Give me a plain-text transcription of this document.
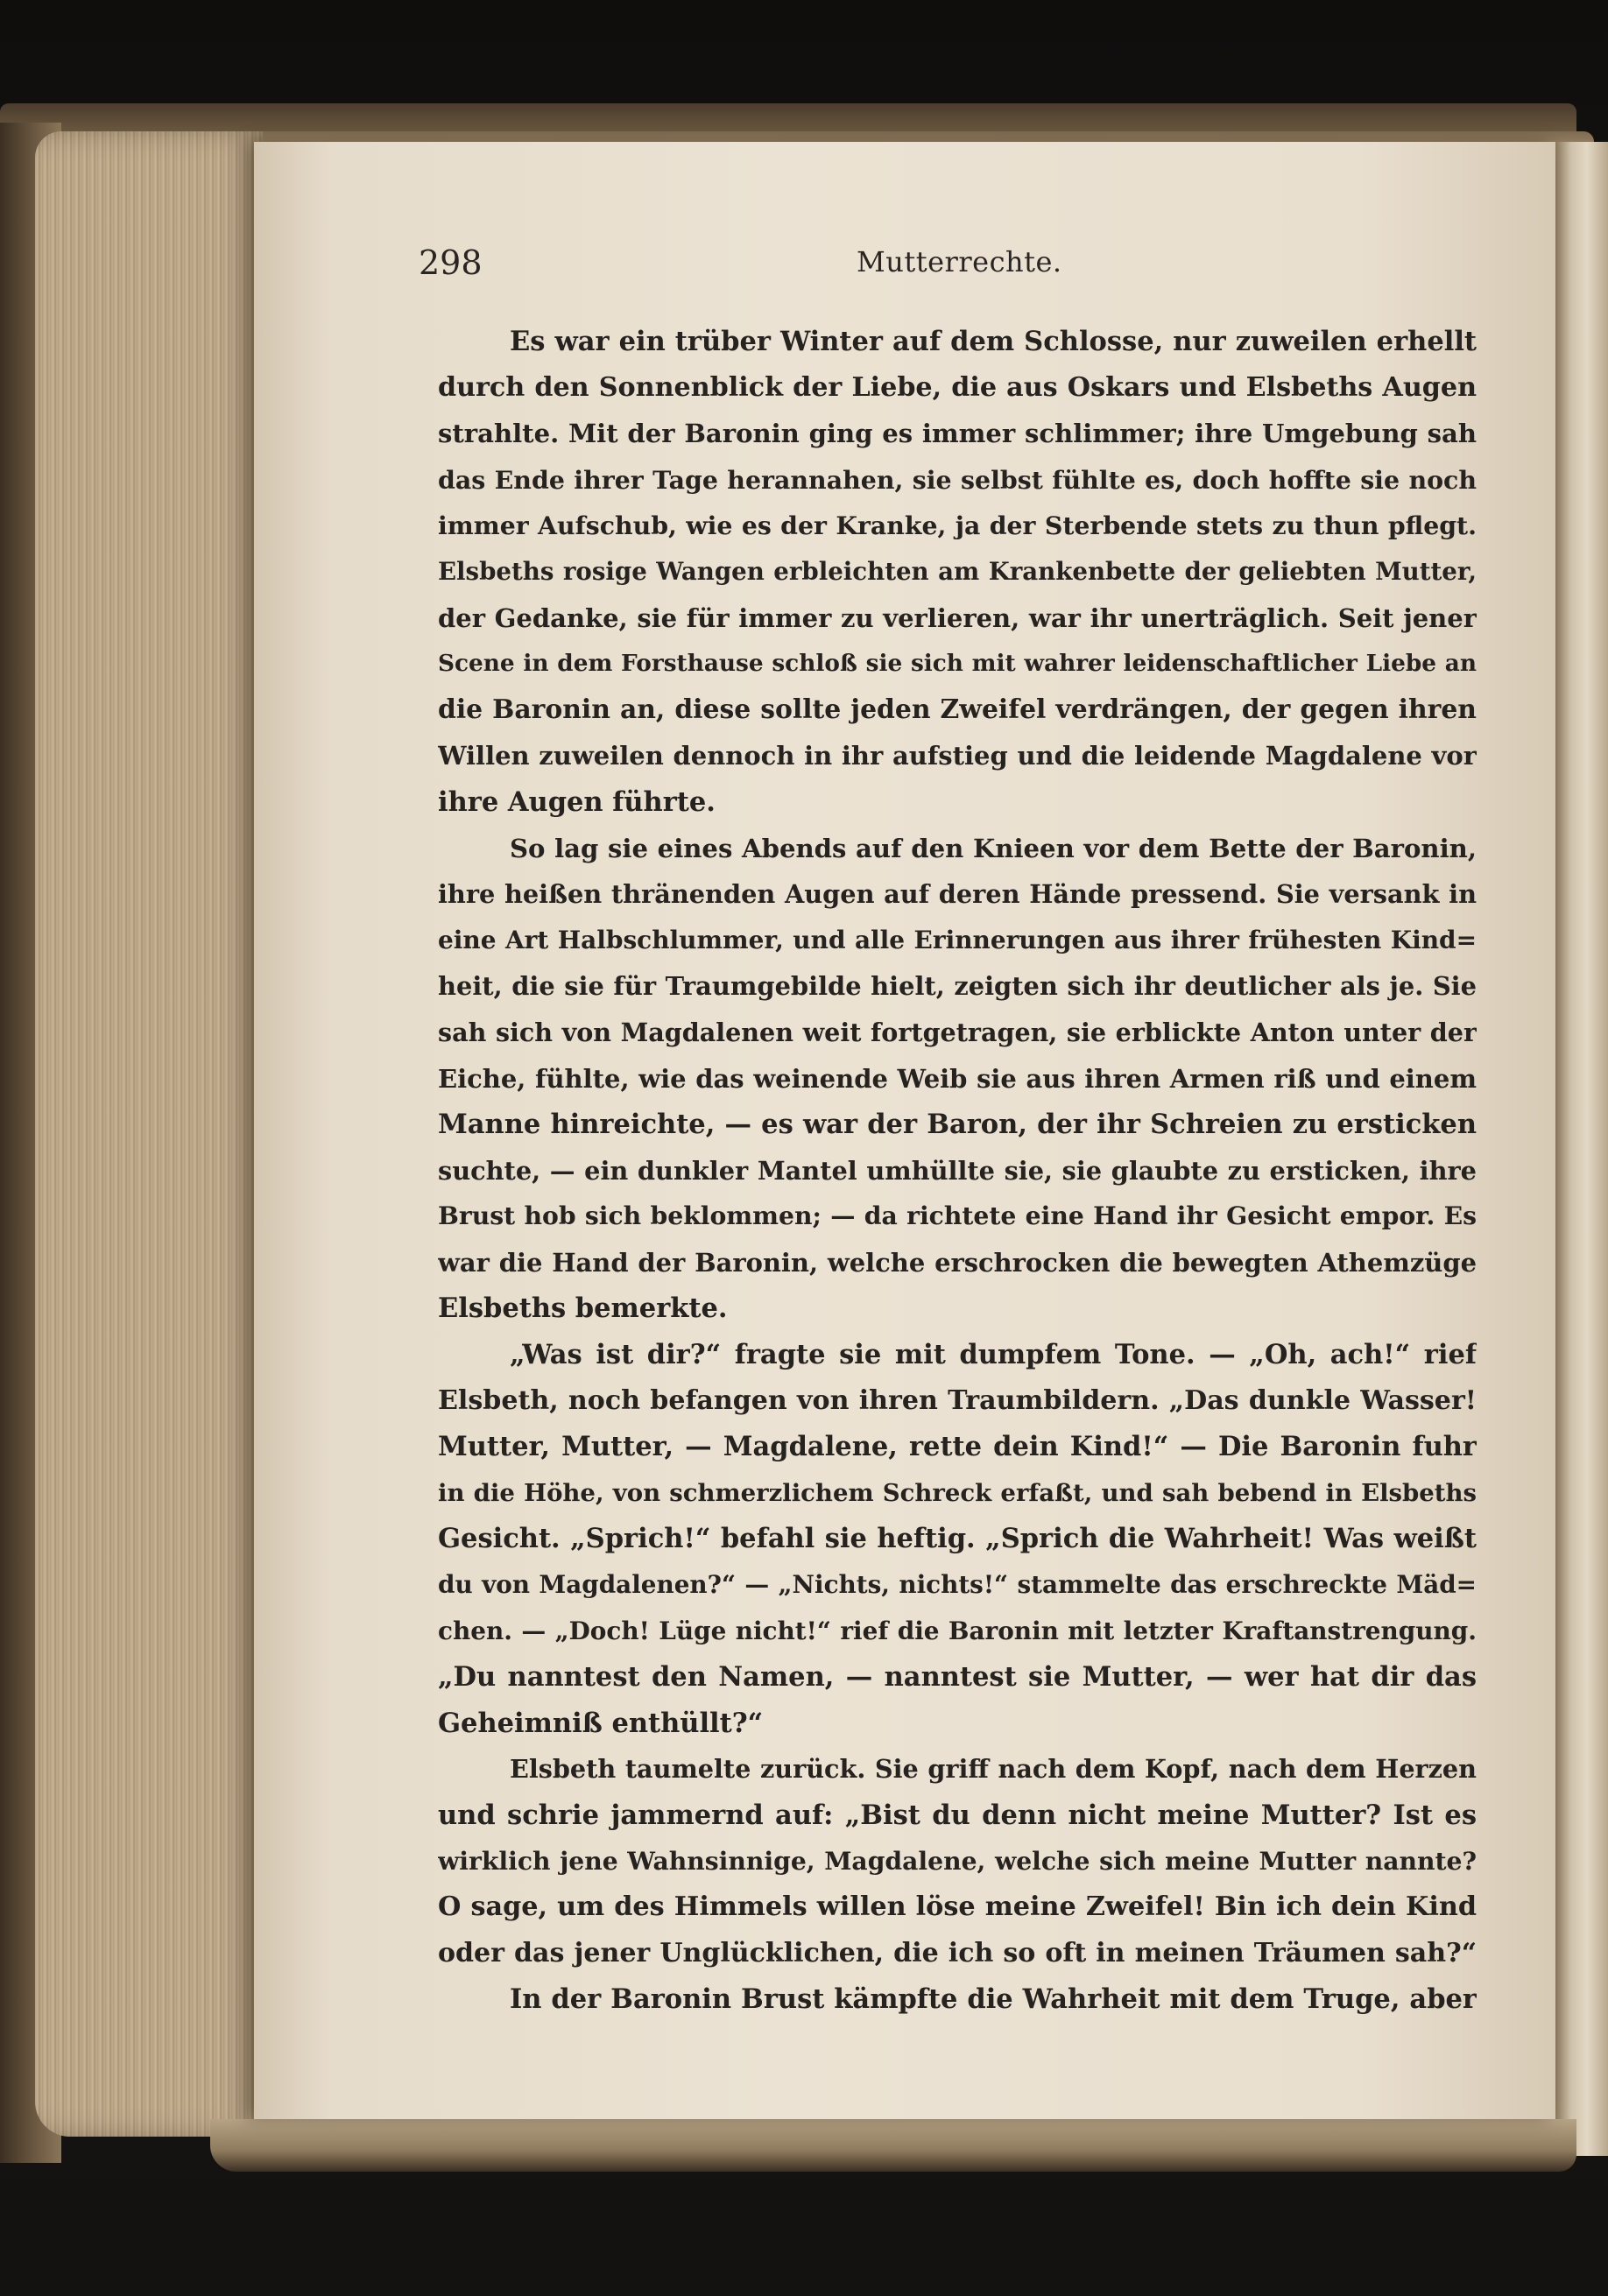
298	Mutterrechte.
Es war ein trüber Winter auf dem Schlosse, nur zuweilen erhellt
durch den Sonnenblick der Liebe, die aus Oskars und Elsbeths Augen
strahlte. Mit der Baronin ging es immer schlimmer; ihre Umgebung sah
das Ende ihrer Tage herannahen, sie selbst fühlte es, doch hoffte sie noch
immer Aufschub, wie es der Kranke, ja der Sterbende stets zu thun pflegt.
Elsbeths rosige Wangen erbleichten am Krankenbette der geliebten Mutter,
der Gedanke, sie für immer zu verlieren, war ihr unerträglich. Seit jener
Scene in dem Forsthause schloß sie sich mit wahrer leidenschaftlicher Liebe an
die Baronin an, diese sollte jeden Zweifel verdrängen, der gegen ihren
Willen zuweilen dennoch in ihr aufstieg und die leidende Magdalene vor
ihre Augen führte.
So lag sie eines Abends auf den Knieen vor dem Bette der Baronin,
ihre heißen thränenden Augen auf deren Hände pressend. Sie versank in
eine Art Halbschlummer, und alle Erinnerungen aus ihrer frühesten Kind=
heit, die sie für Traumgebilde hielt, zeigten sich ihr deutlicher als je. Sie
sah sich von Magdalenen weit fortgetragen, sie erblickte Anton unter der
Eiche, fühlte, wie das weinende Weib sie aus ihren Armen riß und einem
Manne hinreichte, — es war der Baron, der ihr Schreien zu ersticken
suchte, — ein dunkler Mantel umhüllte sie, sie glaubte zu ersticken, ihre
Brust hob sich beklommen; — da richtete eine Hand ihr Gesicht empor. Es
war die Hand der Baronin, welche erschrocken die bewegten Athemzüge
Elsbeths bemerkte.
„Was ist dir?“ fragte sie mit dumpfem Tone. — „Oh, ach!“ rief
Elsbeth, noch befangen von ihren Traumbildern. „Das dunkle Wasser!
Mutter, Mutter, — Magdalene, rette dein Kind!“ — Die Baronin fuhr
in die Höhe, von schmerzlichem Schreck erfaßt, und sah bebend in Elsbeths
Gesicht. „Sprich!“ befahl sie heftig. „Sprich die Wahrheit! Was weißt
du von Magdalenen?“ — „Nichts, nichts!“ stammelte das erschreckte Mäd=
chen. — „Doch! Lüge nicht!“ rief die Baronin mit letzter Kraftanstrengung.
„Du nanntest den Namen, — nanntest sie Mutter, — wer hat dir das
Geheimniß enthüllt?“
Elsbeth taumelte zurück. Sie griff nach dem Kopf, nach dem Herzen
und schrie jammernd auf: „Bist du denn nicht meine Mutter? Ist es
wirklich jene Wahnsinnige, Magdalene, welche sich meine Mutter nannte?
O sage, um des Himmels willen löse meine Zweifel! Bin ich dein Kind
oder das jener Unglücklichen, die ich so oft in meinen Träumen sah?“
In der Baronin Brust kämpfte die Wahrheit mit dem Truge, aber
